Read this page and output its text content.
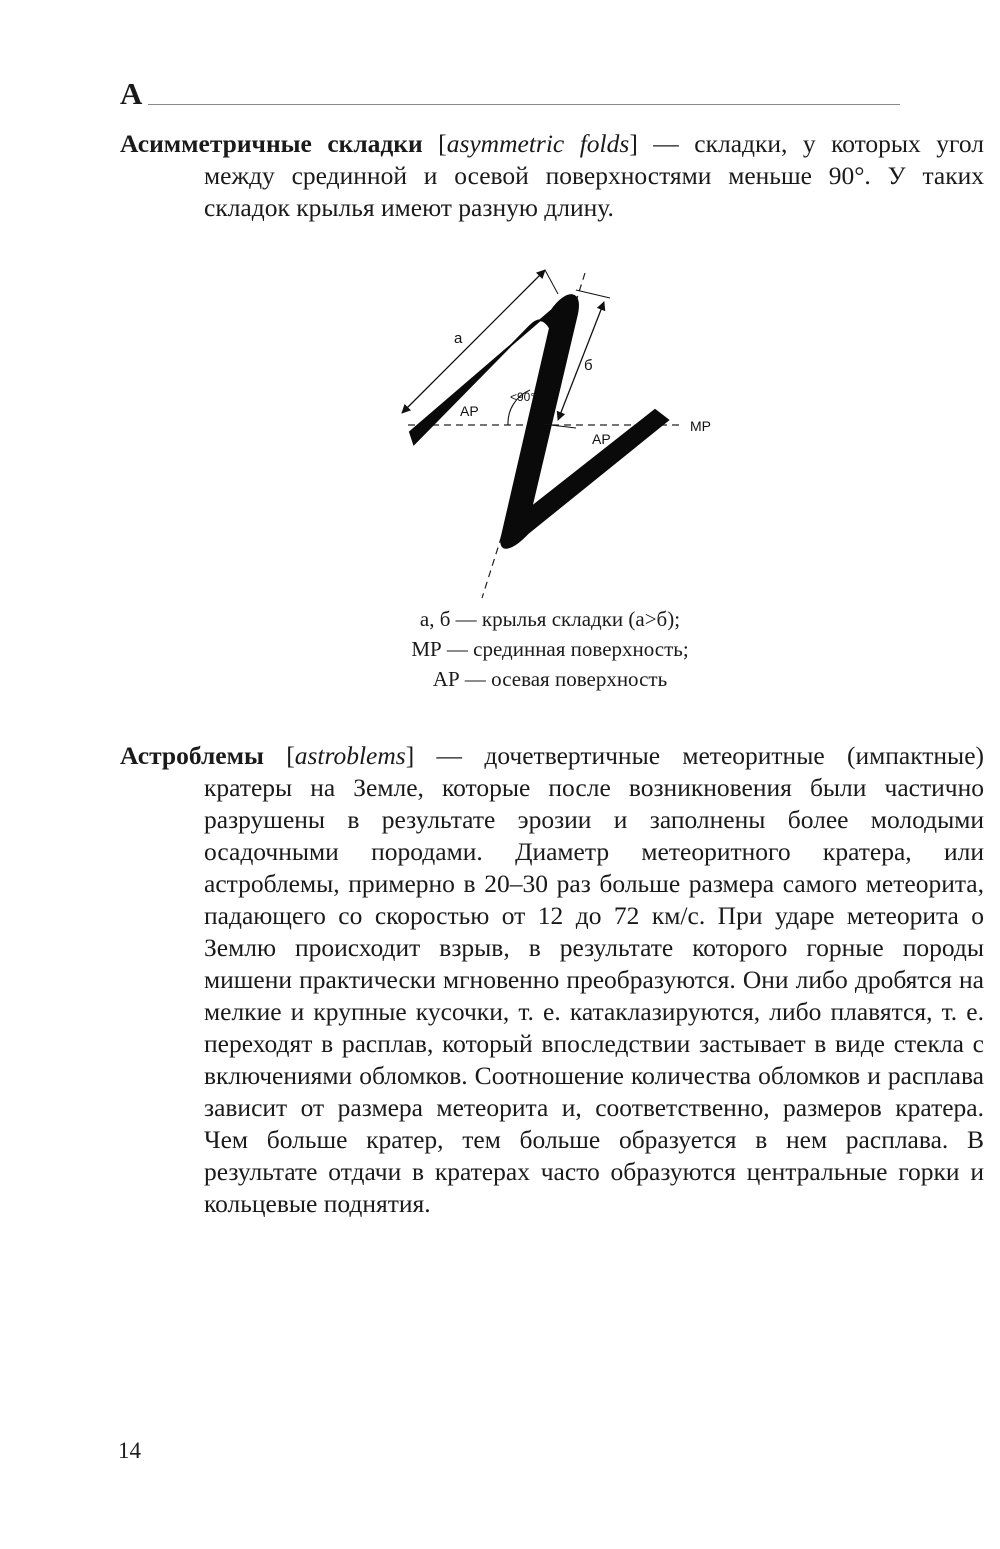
А

Асимметричные складки [asymmetric folds] — складки, у которых угол между срединной и осевой поверхностями меньше 90°. У таких складок крылья имеют разную длину.

а
б
<90°
АР
АР
МР
а, б — крылья складки (а>б);
МР — срединная поверхность;
АР — осевая поверхность

Астроблемы [astroblems] — дочетвертичные метеоритные (импактные) кратеры на Земле, которые после возникновения были частично разрушены в результате эрозии и заполнены более молодыми осадочными породами. Диаметр метеоритного кратера, или астроблемы, примерно в 20–30 раз больше размера самого метеорита, падающего со скоростью от 12 до 72 км/с. При ударе метеорита о Землю происходит взрыв, в результате которого горные породы мишени практически мгновенно преобразуются. Они либо дробятся на мелкие и крупные кусочки, т. е. катаклазируются, либо плавятся, т. е. переходят в расплав, который впоследствии застывает в виде стекла с включениями обломков. Соотношение количества обломков и расплава зависит от размера метеорита и, соответственно, размеров кратера. Чем больше кратер, тем больше образуется в нем расплава. В результате отдачи в кратерах часто образуются центральные горки и кольцевые поднятия.

14
